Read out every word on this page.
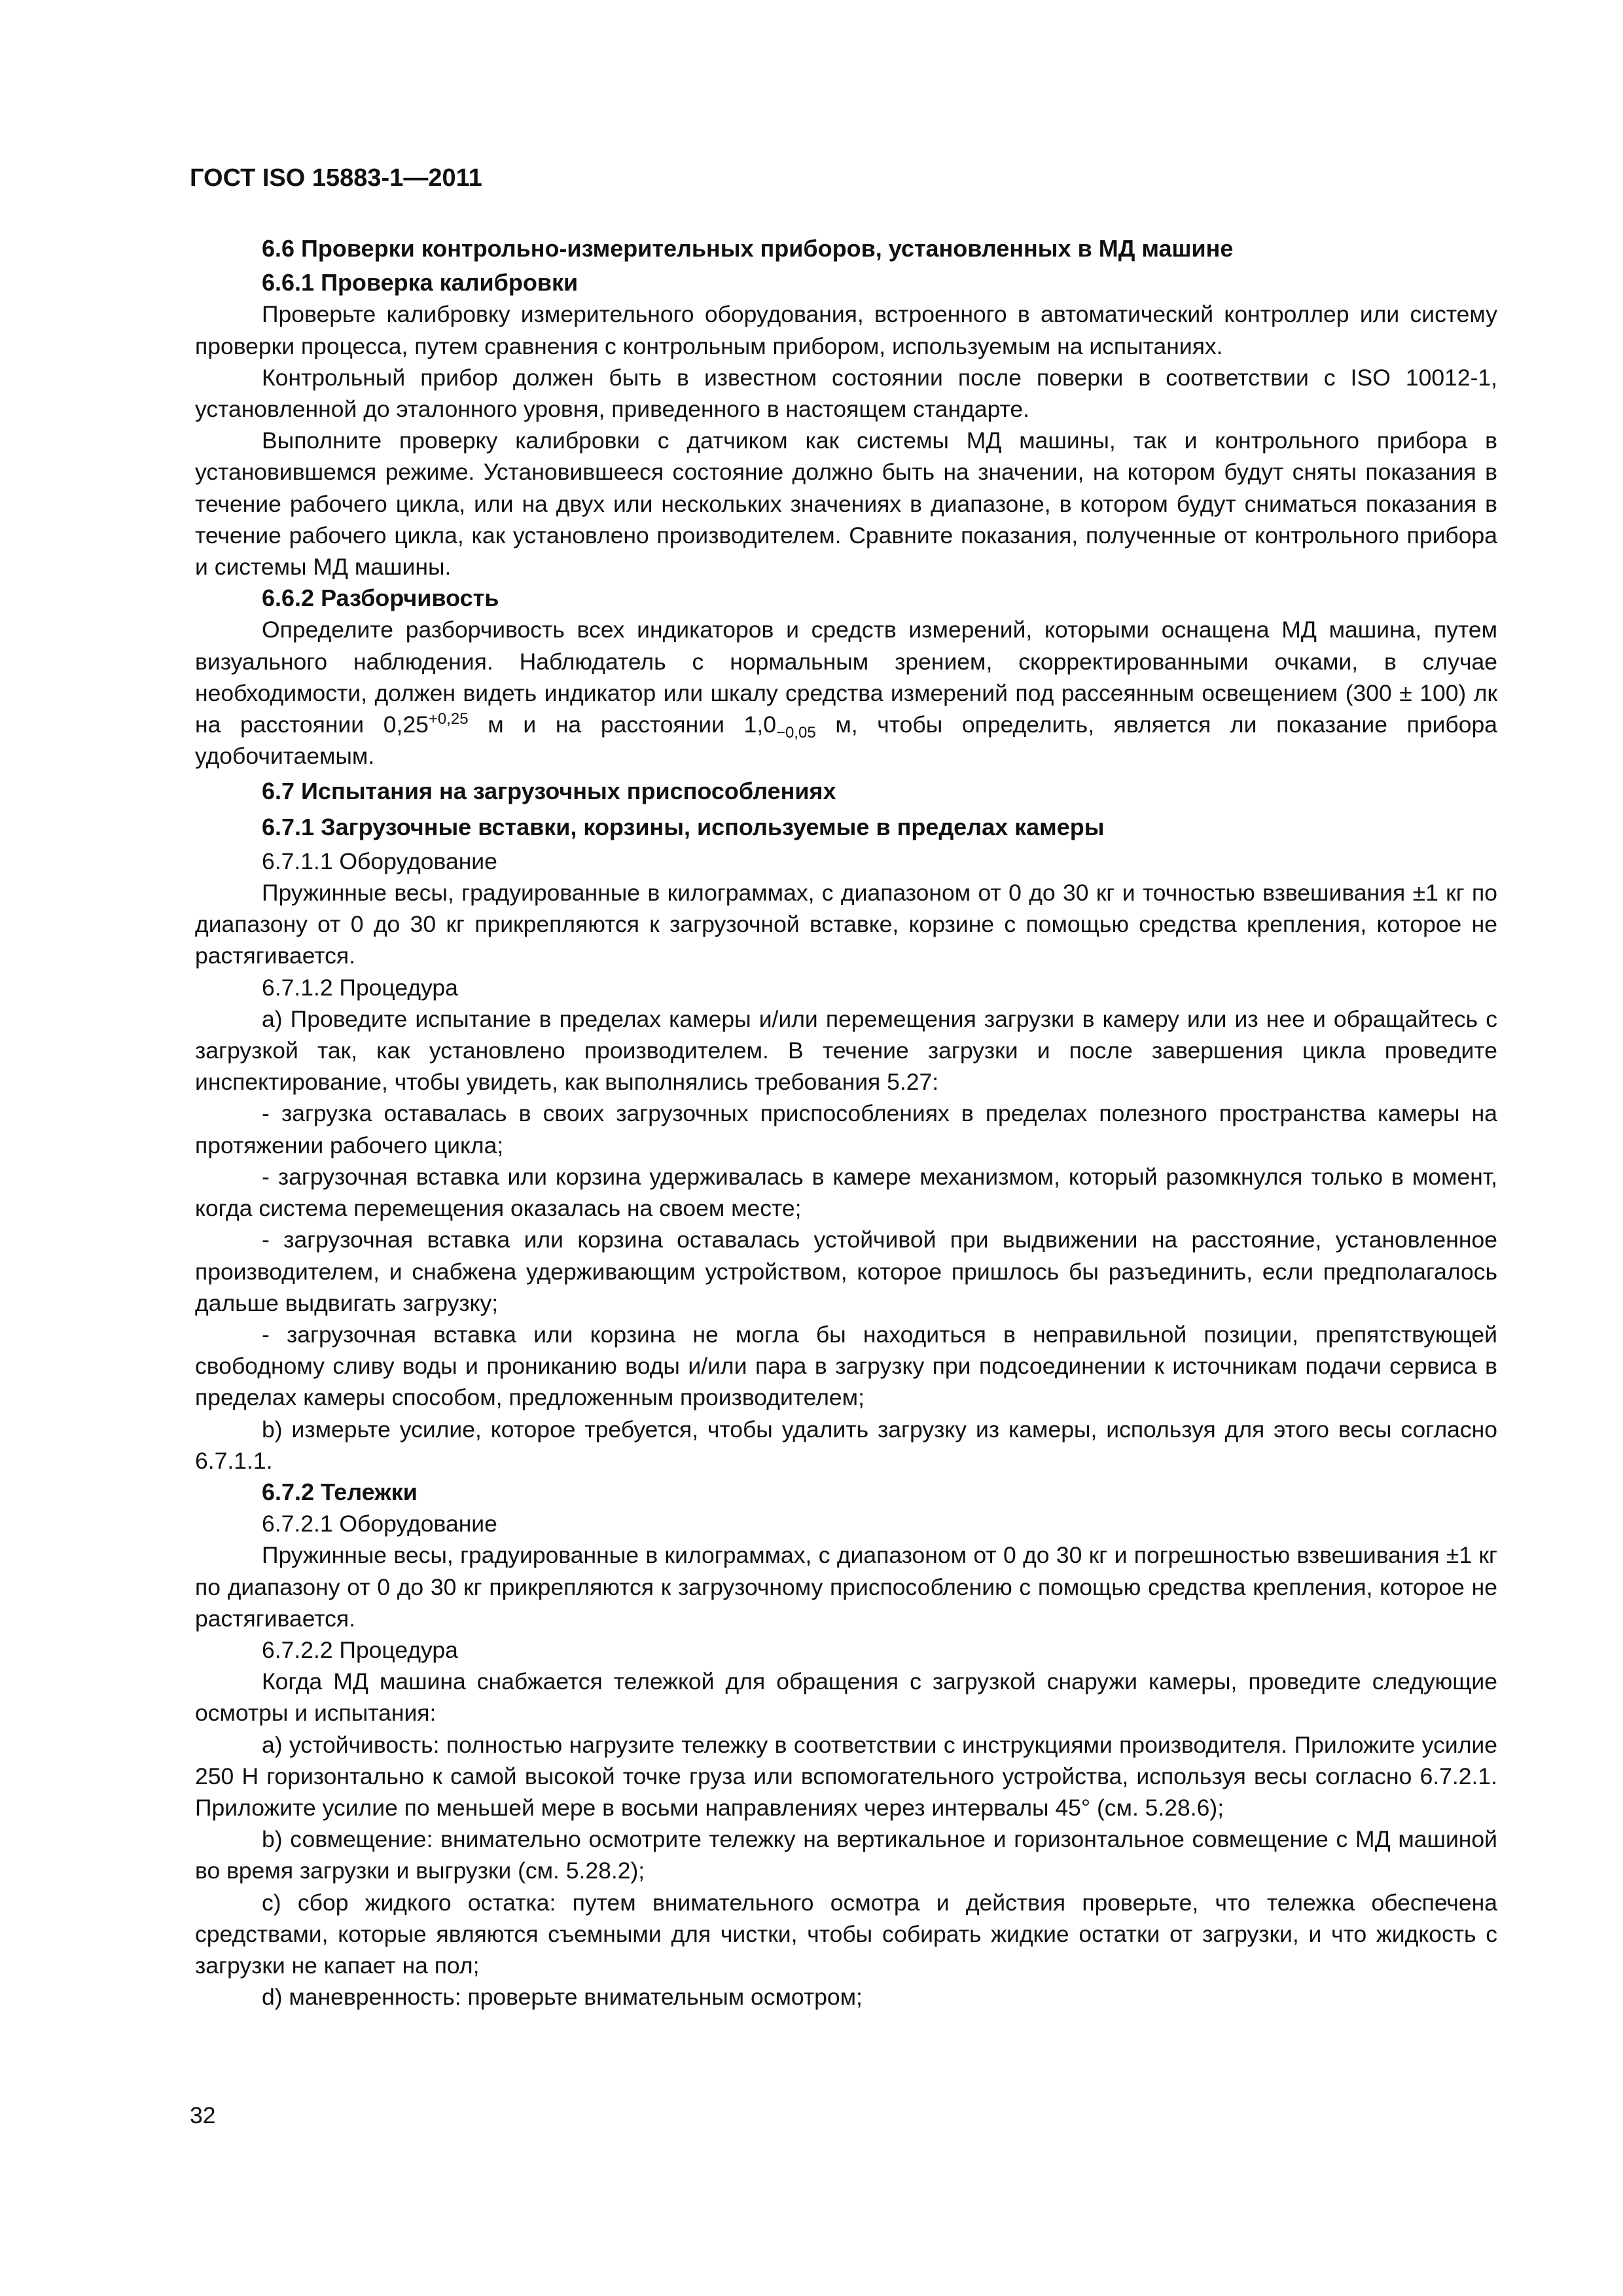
ГОСТ ISO 15883-1—2011
6.6 Проверки контрольно-измерительных приборов, установленных в МД машине
6.6.1 Проверка калибровки

Проверьте калибровку измерительного оборудования, встроенного в автоматический контроллер или систему проверки процесса, путем сравнения с контрольным прибором, используемым на испытаниях.

Контрольный прибор должен быть в известном состоянии после поверки в соответствии с ISO 10012-1, установленной до эталонного уровня, приведенного в настоящем стандарте.

Выполните проверку калибровки с датчиком как системы МД машины, так и контрольного прибора в установившемся режиме. Установившееся состояние должно быть на значении, на котором будут сняты показания в течение рабочего цикла, или на двух или нескольких значениях в диапазоне, в котором будут сниматься показания в течение рабочего цикла, как установлено производителем. Сравните показания, полученные от контрольного прибора и системы МД машины.

6.6.2 Разборчивость

Определите разборчивость всех индикаторов и средств измерений, которыми оснащена МД машина, путем визуального наблюдения. Наблюдатель с нормальным зрением, скорректированными очками, в случае необходимости, должен видеть индикатор или шкалу средства измерений под рассеянным освещением (300 ± 100) лк на расстоянии $0,25^{+0,25}$ м и на расстоянии $1,0_{-0,05}$ м, чтобы определить, является ли показание прибора удобочитаемым.

6.7 Испытания на загрузочных приспособлениях
6.7.1 Загрузочные вставки, корзины, используемые в пределах камеры
6.7.1.1 Оборудование

Пружинные весы, градуированные в килограммах, с диапазоном от 0 до 30 кг и точностью взвешивания ±1 кг по диапазону от 0 до 30 кг прикрепляются к загрузочной вставке, корзине с помощью средства крепления, которое не растягивается.

6.7.1.2 Процедура

a) Проведите испытание в пределах камеры и/или перемещения загрузки в камеру или из нее и обращайтесь с загрузкой так, как установлено производителем. В течение загрузки и после завершения цикла проведите инспектирование, чтобы увидеть, как выполнялись требования 5.27:

- загрузка оставалась в своих загрузочных приспособлениях в пределах полезного пространства камеры на протяжении рабочего цикла;

- загрузочная вставка или корзина удерживалась в камере механизмом, который разомкнулся только в момент, когда система перемещения оказалась на своем месте;

- загрузочная вставка или корзина оставалась устойчивой при выдвижении на расстояние, установленное производителем, и снабжена удерживающим устройством, которое пришлось бы разъединить, если предполагалось дальше выдвигать загрузку;

- загрузочная вставка или корзина не могла бы находиться в неправильной позиции, препятствующей свободному сливу воды и проникaнию воды и/или пара в загрузку при подсоединении к источникам подачи сервиса в пределах камеры способом, предложенным производителем;

b) измерьте усилие, которое требуется, чтобы удалить загрузку из камеры, используя для этого весы согласно 6.7.1.1.

6.7.2 Тележки
6.7.2.1 Оборудование

Пружинные весы, градуированные в килограммах, с диапазоном от 0 до 30 кг и погрешностью взвешивания ±1 кг по диапазону от 0 до 30 кг прикрепляются к загрузочному приспособлению с помощью средства крепления, которое не растягивается.

6.7.2.2 Процедура

Когда МД машина снабжается тележкой для обращения с загрузкой снаружи камеры, проведите следующие осмотры и испытания:

a) устойчивость: полностью нагрузите тележку в соответствии с инструкциями производителя. Приложите усилие 250 Н горизонтально к самой высокой точке груза или вспомогательного устройства, используя весы согласно 6.7.2.1. Приложите усилие по меньшей мере в восьми направлениях через интервалы 45° (см. 5.28.6);

b) совмещение: внимательно осмотрите тележку на вертикальное и горизонтальное совмещение с МД машиной во время загрузки и выгрузки (см. 5.28.2);

c) сбор жидкого остатка: путем внимательного осмотра и действия проверьте, что тележка обеспечена средствами, которые являются съемными для чистки, чтобы собирать жидкие остатки от загрузки, и что жидкость с загрузки не капает на пол;

d) маневренность: проверьте внимательным осмотром;

32
